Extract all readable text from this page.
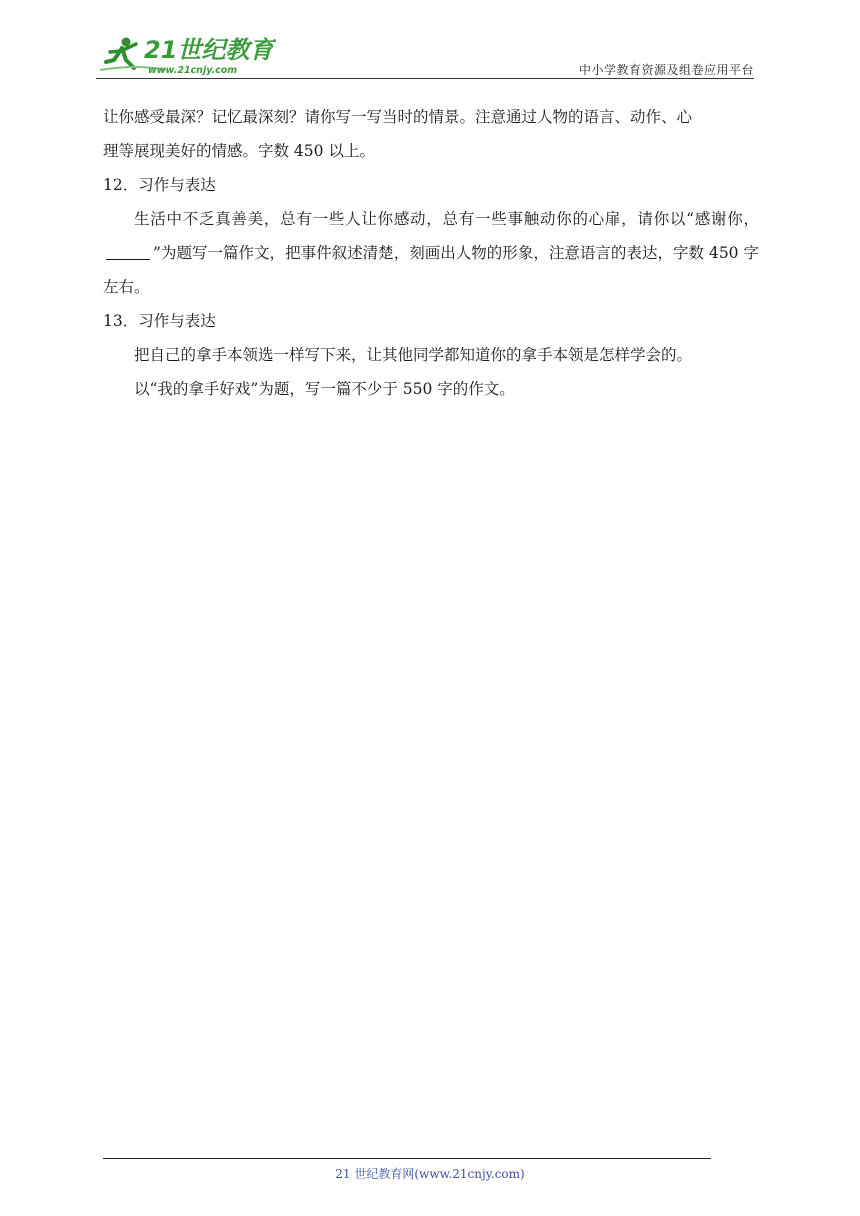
21世纪教育
www.21cnjy.com	中小学教育资源及组卷应用平台

让你感受最深？记忆最深刻？请你写一写当时的情景。注意通过人物的语言、动作、心

理等展现美好的情感。字数 450 以上。

12．习作与表达

生活中不乏真善美，总有一些人让你感动，总有一些事触动你的心扉，请你以“感谢你，”为题写一篇作文，把事件叙述清楚，刻画出人物的形象，注意语言的表达，字数 450 字左右。

13．习作与表达

把自己的拿手本领选一样写下来，让其他同学都知道你的拿手本领是怎样学会的。

以“我的拿手好戏”为题，写一篇不少于 550 字的作文。

21 世纪教育网(www.21cnjy.com)
